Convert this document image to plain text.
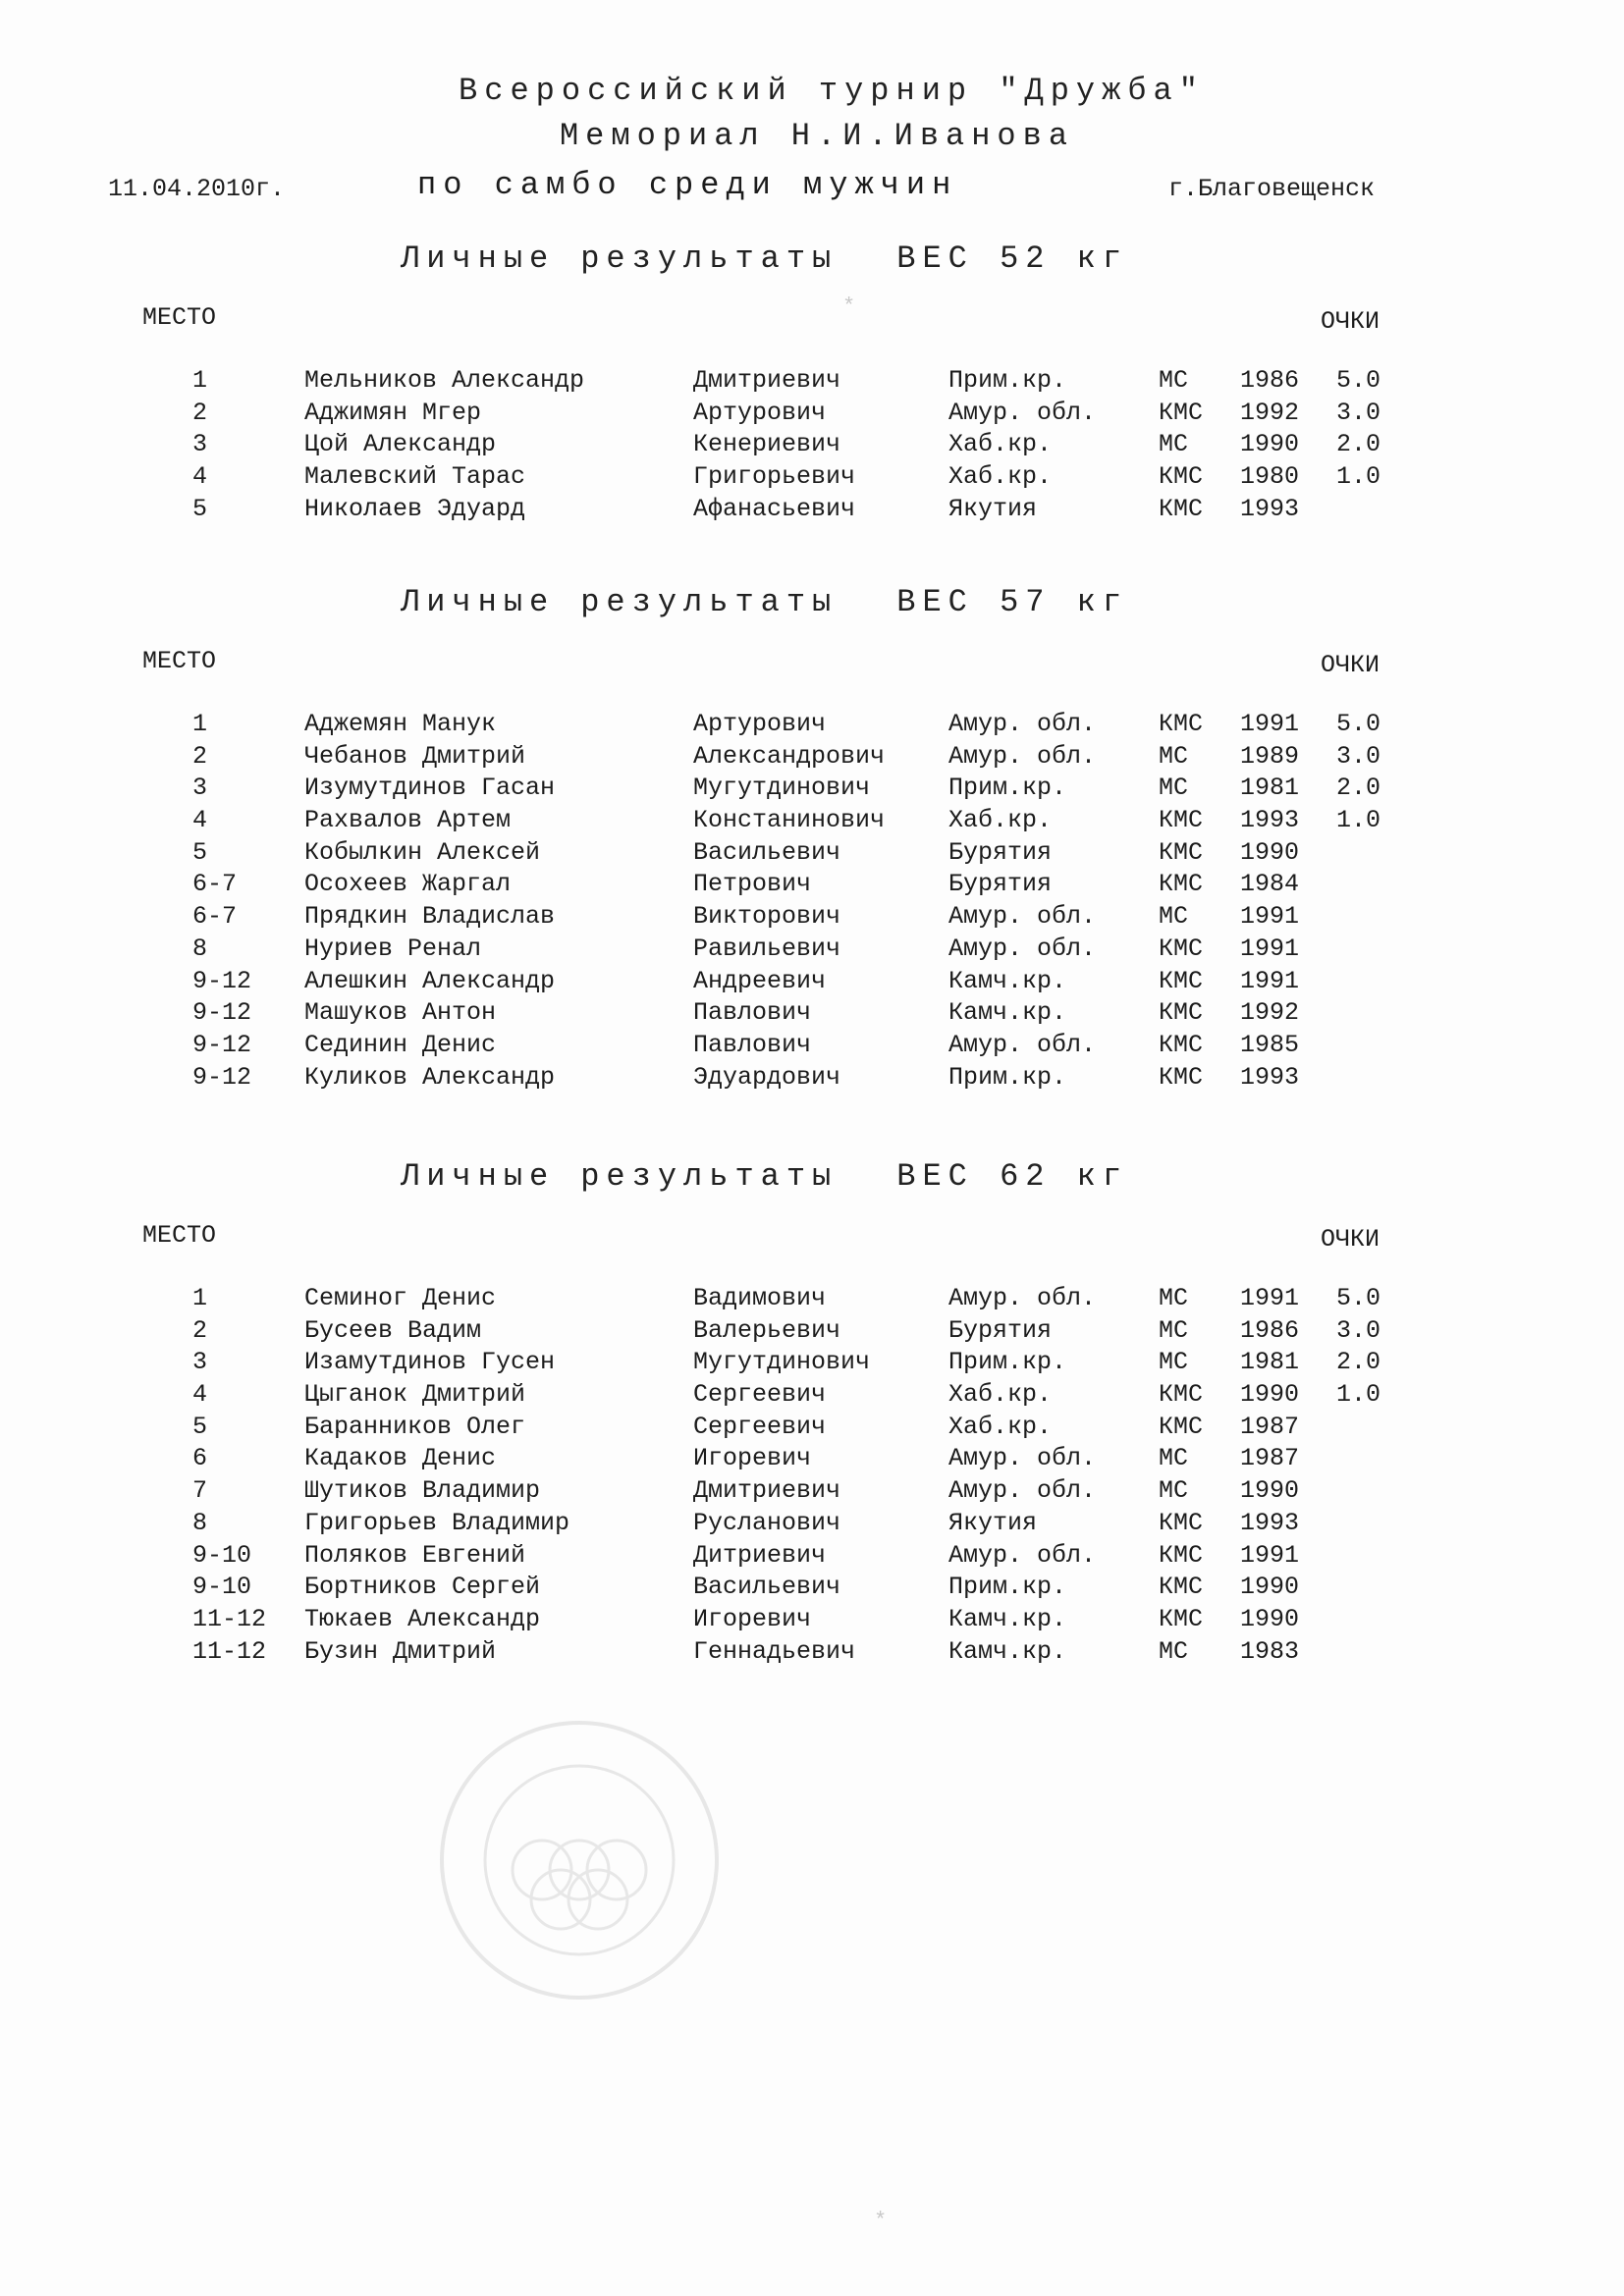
Всероссийский турнир "Дружба"
Мемориал Н.И.Иванова
11.04.2010г.	по самбо среди мужчин	г.Благовещенск
Личные результаты ВЕС 52 кг
МЕСТО	ОЧКИ
1	Мельников Александр	Дмитриевич	Прим.кр.	МС 1986 5.0
2	Аджимян Мгер	Артурович	Амур. обл.	КМС 1992 3.0
3	Цой Александр	Кенериевич	Хаб.кр.	МС 1990 2.0
4	Малевский Тарас	Григорьевич	Хаб.кр.	КМС 1980 1.0
5	Николаев Эдуард	Афанасьевич	Якутия	КМС 1993
Личные результаты ВЕС 57 кг
МЕСТО	ОЧКИ
1	Аджемян Манук	Артурович	Амур. обл.	КМС 1991 5.0
2	Чебанов Дмитрий	Александрович	Амур. обл.	МС 1989 3.0
3	Изумутдинов Гасан	Мугутдинович	Прим.кр.	МС 1981 2.0
4	Рахвалов Артем	Констанинович	Хаб.кр.	КМС 1993 1.0
5	Кобылкин Алексей	Васильевич	Бурятия	КМС 1990
6-7	Осохеев Жаргал	Петрович	Бурятия	КМС 1984
6-7	Прядкин Владислав	Викторович	Амур. обл.	МС 1991
8	Нуриев Ренал	Равильевич	Амур. обл.	КМС 1991
9-12 Алешкин Александр	Андреевич	Камч.кр.	КМС 1991
9-12 Машуков Антон	Павлович	Камч.кр.	КМС 1992
9-12 Сединин Денис	Павлович	Амур. обл.	КМС 1985
9-12 Куликов Александр	Эдуардович	Прим.кр.	КМС 1993
Личные результаты ВЕС 62 кг
МЕСТО	ОЧКИ
1	Семиног Денис	Вадимович	Амур. обл.	МС 1991 5.0
2	Бусеев Вадим	Валерьевич	Бурятия	МС 1986 3.0
3	Изамутдинов Гусен	Мугутдинович	Прим.кр.	МС 1981 2.0
4	Цыганок Дмитрий	Сергеевич	Хаб.кр.	КМС 1990 1.0
5	Баранников Олег	Сергеевич	Хаб.кр.	КМС 1987
6	Кадаков Денис	Игоревич	Амур. обл.	МС 1987
7	Шутиков Владимир	Дмитриевич	Амур. обл.	МС 1990
8	Григорьев Владимир	Русланович	Якутия	КМС 1993
9-10 Поляков Евгений	Дитриевич	Амур. обл.	КМС 1991
9-10 Бортников Сергей	Васильевич	Прим.кр.	КМС 1990
11-12 Тюкаев Александр	Игоревич	Камч.кр.	КМС 1990
11-12 Бузин Дмитрий	Геннадьевич	Камч.кр.	МС 1983
*
*
